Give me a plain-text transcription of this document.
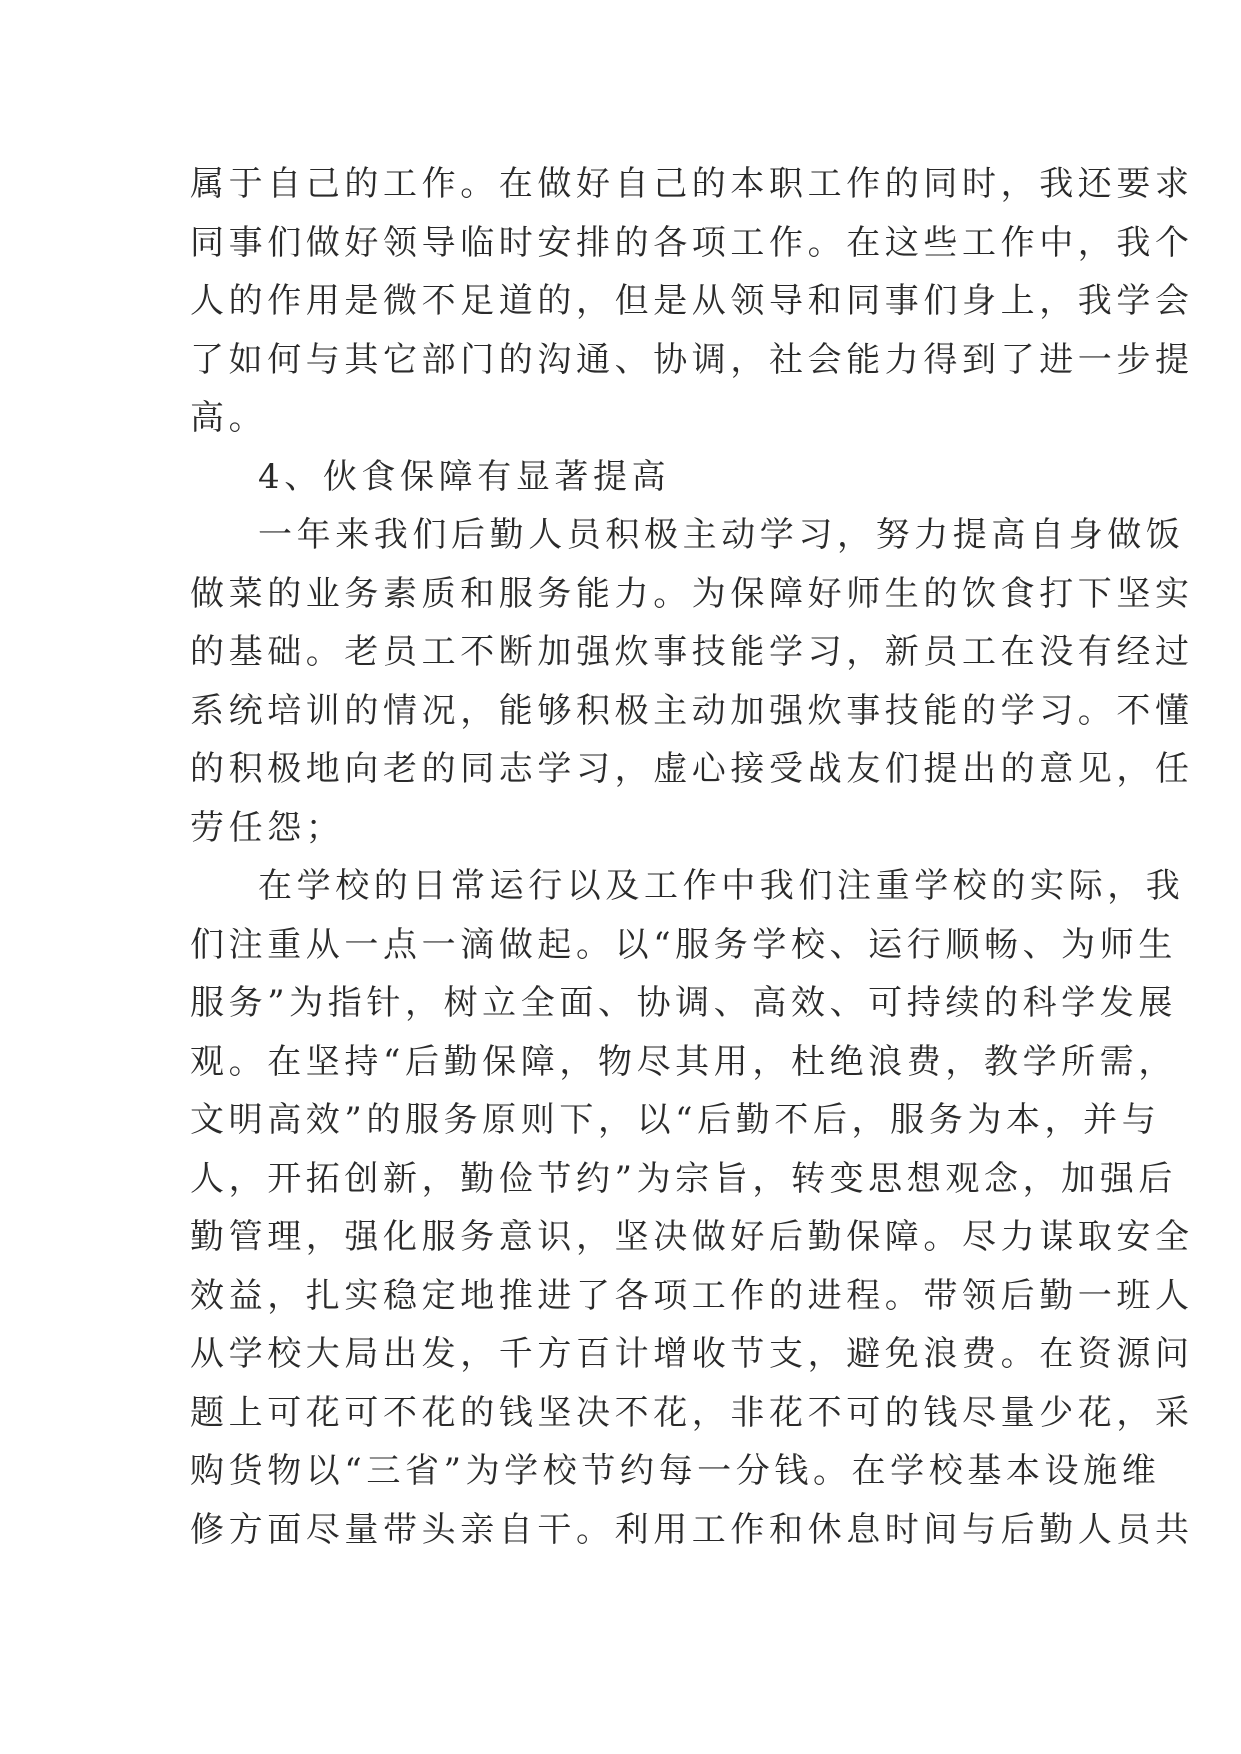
属于自己的工作。在做好自己的本职工作的同时，我还要求
同事们做好领导临时安排的各项工作。在这些工作中，我个
人的作用是微不足道的，但是从领导和同事们身上，我学会
了如何与其它部门的沟通、协调，社会能力得到了进一步提
高。
4、伙食保障有显著提高
一年来我们后勤人员积极主动学习，努力提高自身做饭
做菜的业务素质和服务能力。为保障好师生的饮食打下坚实
的基础。老员工不断加强炊事技能学习，新员工在没有经过
系统培训的情况，能够积极主动加强炊事技能的学习。不懂
的积极地向老的同志学习，虚心接受战友们提出的意见，任
劳任怨；
在学校的日常运行以及工作中我们注重学校的实际，我
们注重从一点一滴做起。以“服务学校、运行顺畅、为师生
服务”为指针，树立全面、协调、高效、可持续的科学发展
观。在坚持“后勤保障，物尽其用，杜绝浪费，教学所需，
文明高效”的服务原则下，以“后勤不后，服务为本，并与
人，开拓创新，勤俭节约”为宗旨，转变思想观念，加强后
勤管理，强化服务意识，坚决做好后勤保障。尽力谋取安全
效益，扎实稳定地推进了各项工作的进程。带领后勤一班人
从学校大局出发，千方百计增收节支，避免浪费。在资源问
题上可花可不花的钱坚决不花，非花不可的钱尽量少花，采
购货物以“三省”为学校节约每一分钱。在学校基本设施维
修方面尽量带头亲自干。利用工作和休息时间与后勤人员共
